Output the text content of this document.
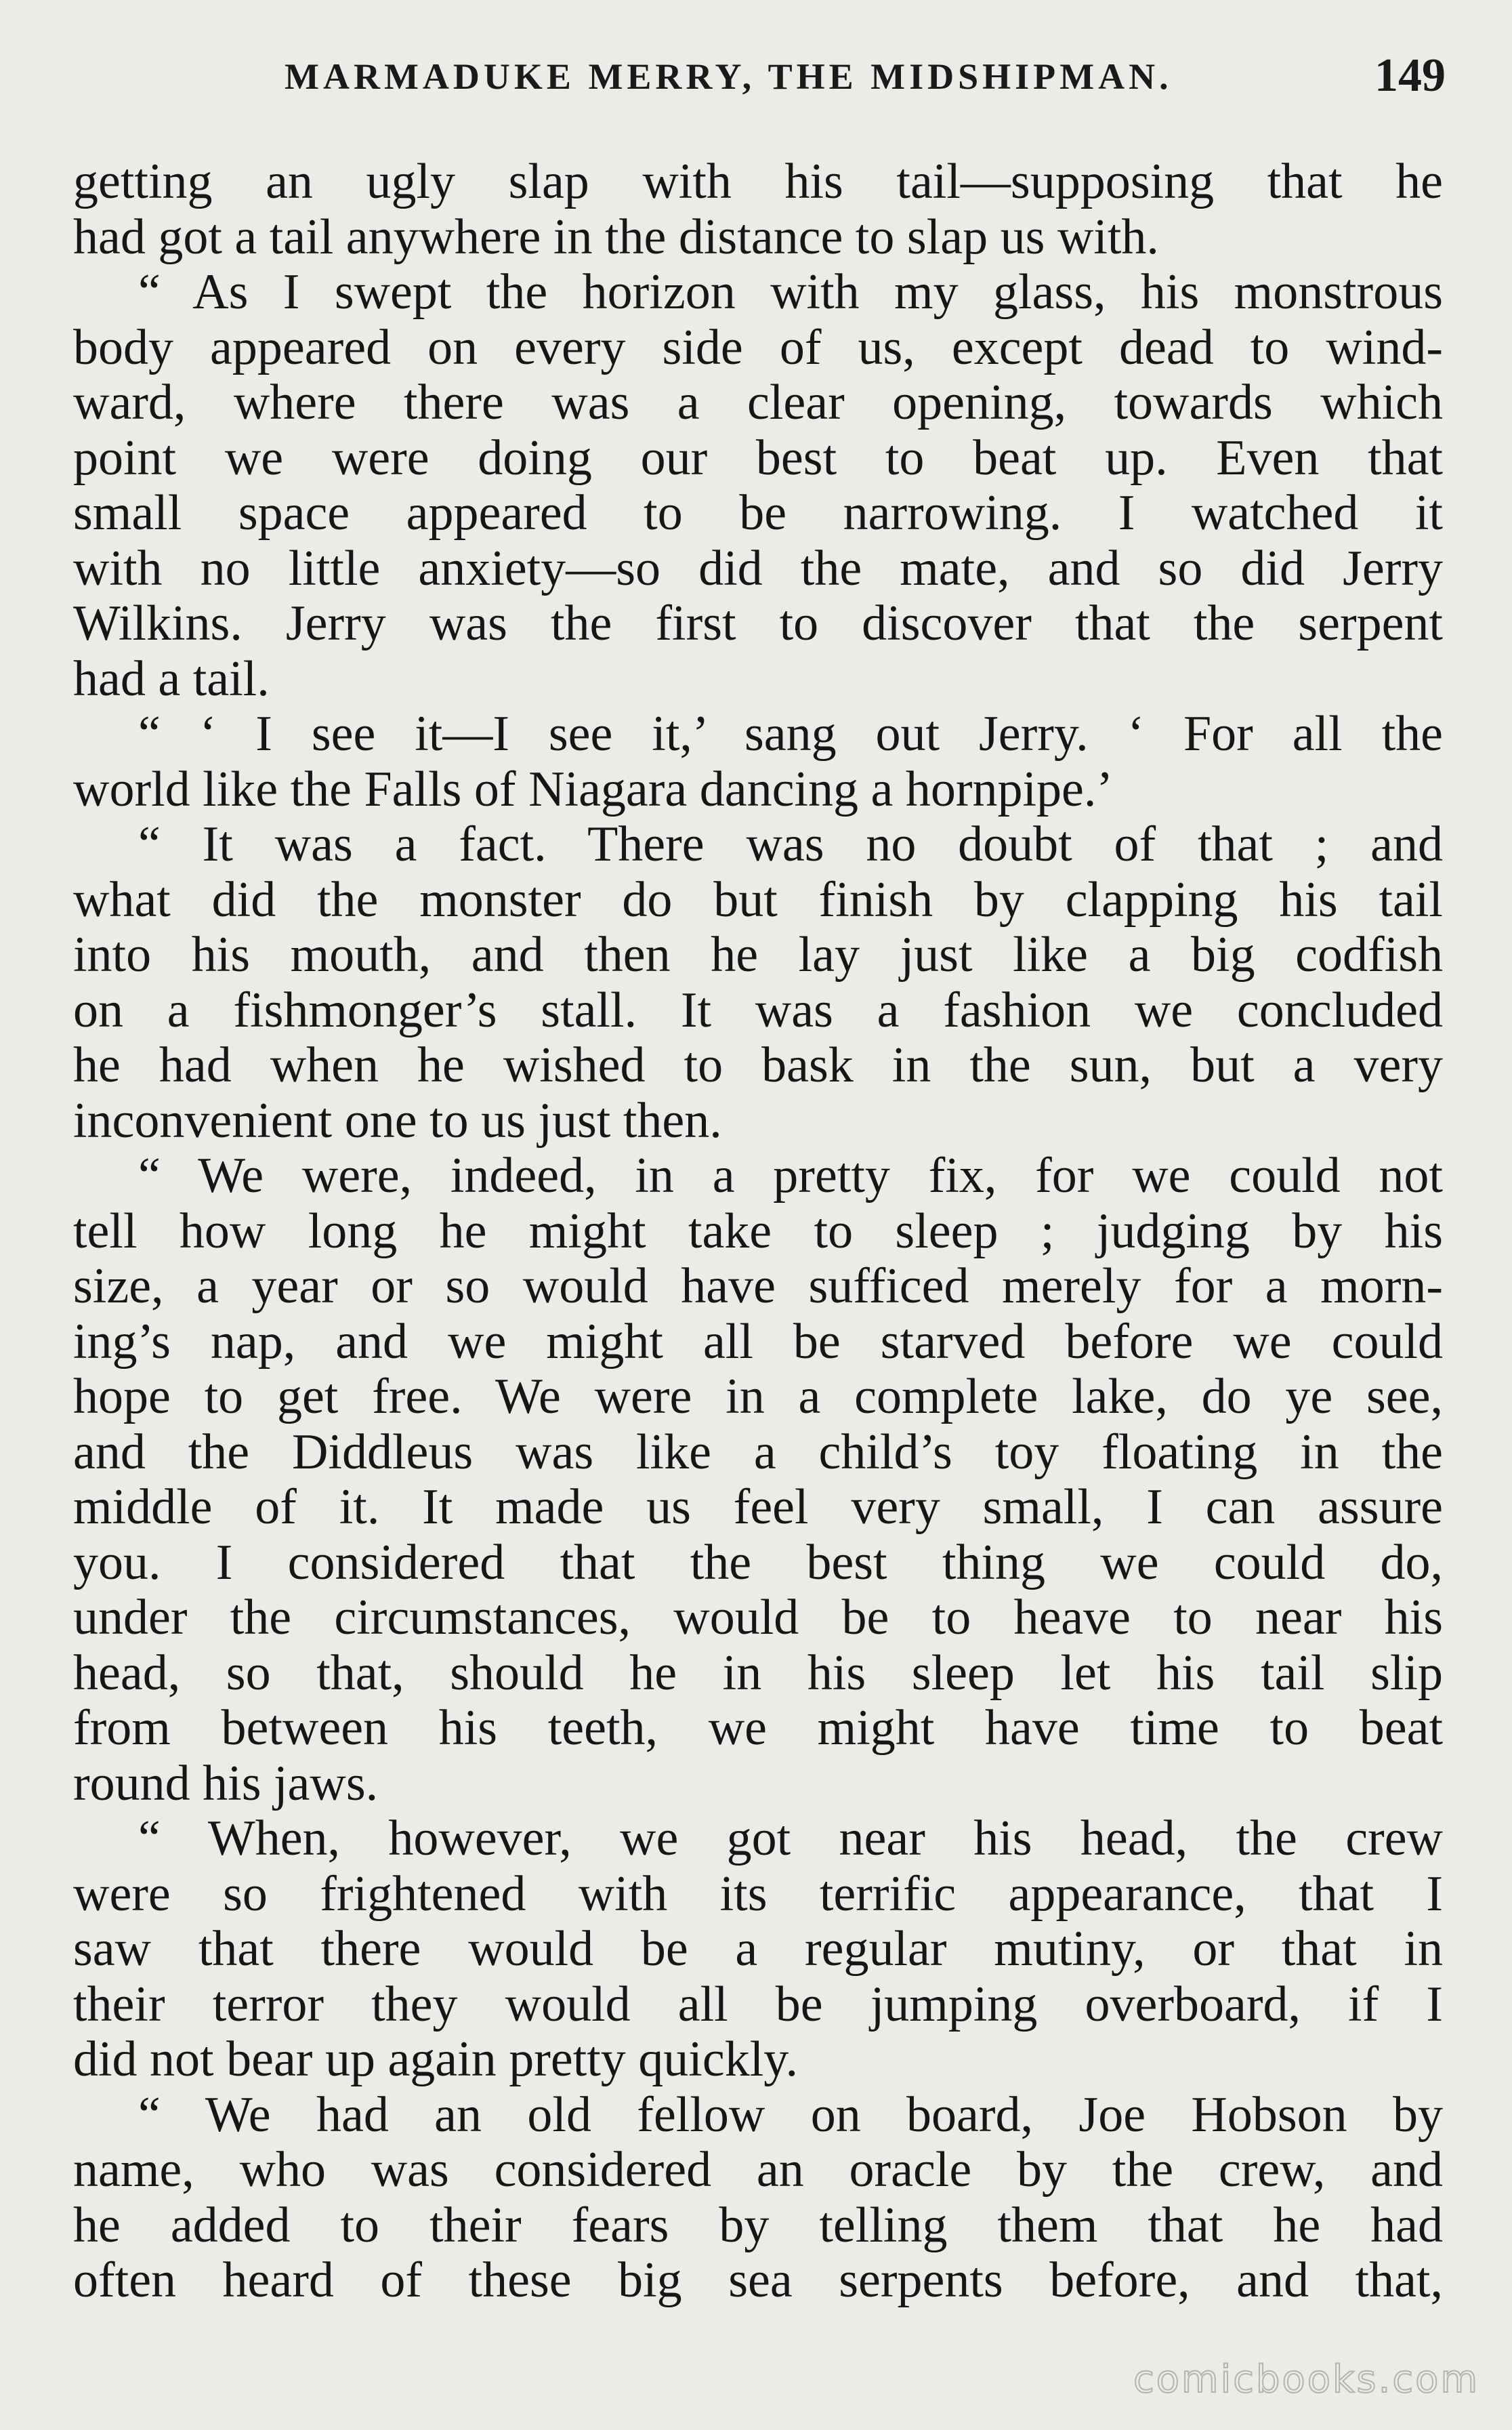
MARMADUKE MERRY, THE MIDSHIPMAN.	149
getting an ugly slap with his tail—supposing that he
had got a tail anywhere in the distance to slap us with.
“ As I swept the horizon with my glass, his monstrous
body appeared on every side of us, except dead to wind-
ward, where there was a clear opening, towards which
point we were doing our best to beat up. Even that
small space appeared to be narrowing. I watched it
with no little anxiety—so did the mate, and so did Jerry
Wilkins. Jerry was the first to discover that the serpent
had a tail.
“ ‘ I see it—I see it,’ sang out Jerry. ‘ For all the
world like the Falls of Niagara dancing a hornpipe.’
“ It was a fact. There was no doubt of that ; and
what did the monster do but finish by clapping his tail
into his mouth, and then he lay just like a big codfish
on a fishmonger’s stall. It was a fashion we concluded
he had when he wished to bask in the sun, but a very
inconvenient one to us just then.
“ We were, indeed, in a pretty fix, for we could not
tell how long he might take to sleep ; judging by his
size, a year or so would have sufficed merely for a morn-
ing’s nap, and we might all be starved before we could
hope to get free. We were in a complete lake, do ye see,
and the Diddleus was like a child’s toy floating in the
middle of it. It made us feel very small, I can assure
you. I considered that the best thing we could do,
under the circumstances, would be to heave to near his
head, so that, should he in his sleep let his tail slip
from between his teeth, we might have time to beat
round his jaws.
“ When, however, we got near his head, the crew
were so frightened with its terrific appearance, that I
saw that there would be a regular mutiny, or that in
their terror they would all be jumping overboard, if I
did not bear up again pretty quickly.
“ We had an old fellow on board, Joe Hobson by
name, who was considered an oracle by the crew, and
he added to their fears by telling them that he had
often heard of these big sea serpents before, and that,
comicbooks.com
